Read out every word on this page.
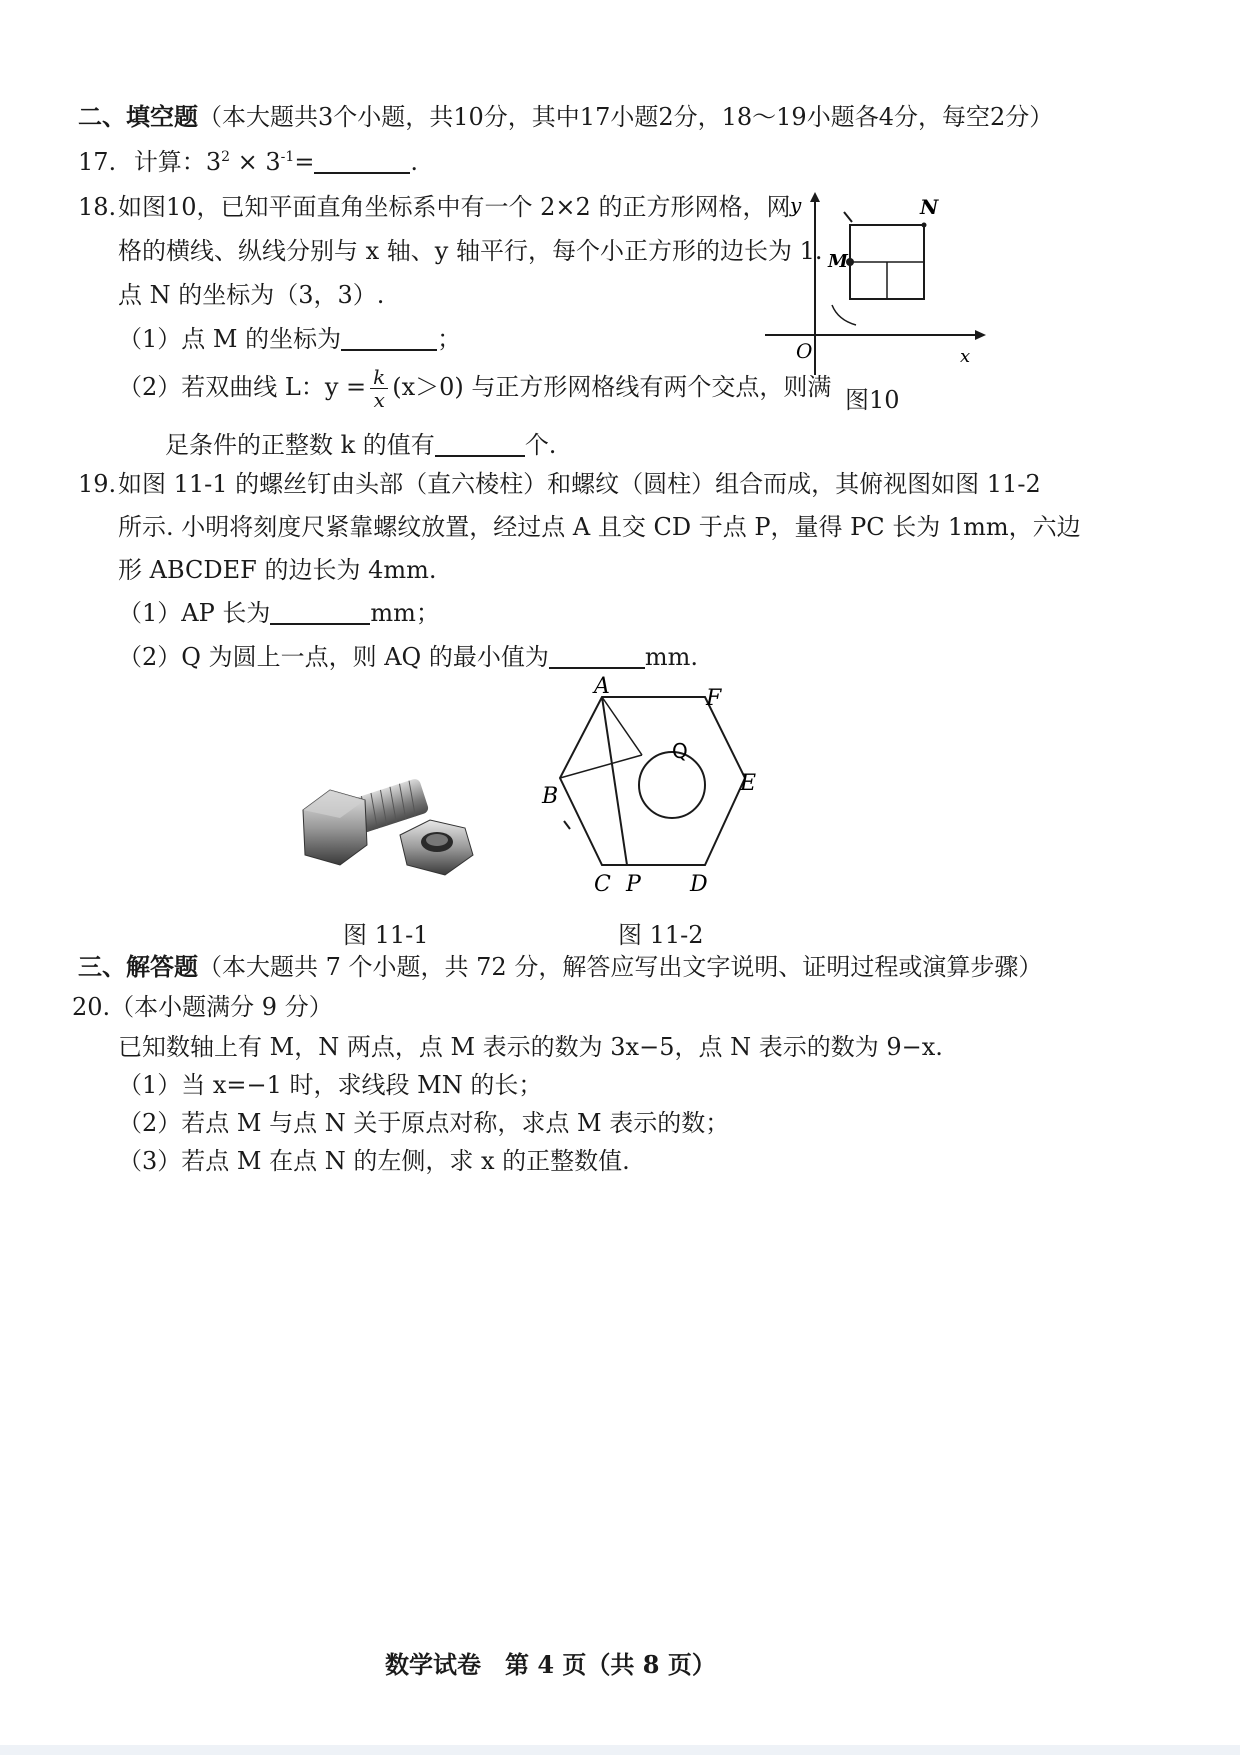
二、填空题（本大题共3个小题，共10分，其中17小题2分，18～19小题各4分，每空2分）
17. 计算：$3^2 \times 3^{-1}=$	.
18. 如图10，已知平面直角坐标系中有一个 2×2 的正方形网格，网
格的横线、纵线分别与 x 轴、y 轴平行，每个小正方形的边长为 1.
点 N 的坐标为（3，3）.
（1）点 M 的坐标为	；
（2）若双曲线 L：$y = \frac{k}{x} (x>0)$ 与正方形网格线有两个交点，则满
足条件的正整数 k 的值有	个.
y
x
O
M
N
图10
19. 如图 11-1 的螺丝钉由头部（直六棱柱）和螺纹（圆柱）组合而成，其俯视图如图 11-2
所示. 小明将刻度尺紧靠螺纹放置，经过点 A 且交 CD 于点 P，量得 PC 长为 1mm，六边
形 ABCDEF 的边长为 4mm.
（1）AP 长为	mm；
（2）Q 为圆上一点，则 AQ 的最小值为	mm.
图 11-1
A	F
B
E
C P D
Q
图 11-2
三、解答题（本大题共 7 个小题，共 72 分，解答应写出文字说明、证明过程或演算步骤）
20.（本小题满分 9 分）
已知数轴上有 M，N 两点，点 M 表示的数为 3x−5，点 N 表示的数为 9−x.
（1）当 x=−1 时，求线段 MN 的长；
（2）若点 M 与点 N 关于原点对称，求点 M 表示的数；
（3）若点 M 在点 N 的左侧，求 x 的正整数值.
数学试卷 第 4 页（共 8 页）
